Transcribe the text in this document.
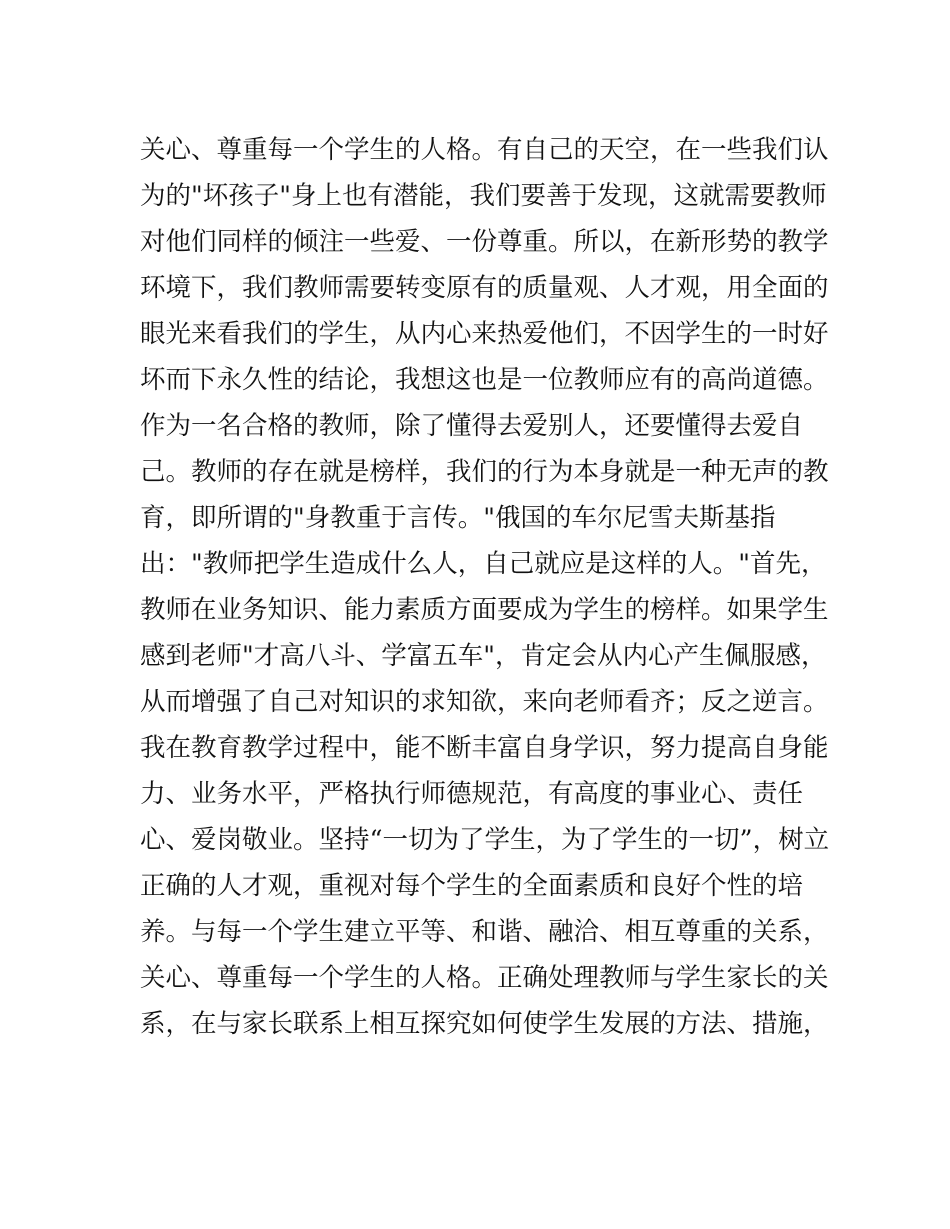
关心、尊重每一个学生的人格。有自己的天空，在一些我们认
为的"坏孩子"身上也有潜能，我们要善于发现，这就需要教师
对他们同样的倾注一些爱、一份尊重。所以，在新形势的教学
环境下，我们教师需要转变原有的质量观、人才观，用全面的
眼光来看我们的学生，从内心来热爱他们，不因学生的一时好
坏而下永久性的结论，我想这也是一位教师应有的高尚道德。
作为一名合格的教师，除了懂得去爱别人，还要懂得去爱自
己。教师的存在就是榜样，我们的行为本身就是一种无声的教
育，即所谓的"身教重于言传。"俄国的车尔尼雪夫斯基指
出："教师把学生造成什么人，自己就应是这样的人。"首先，
教师在业务知识、能力素质方面要成为学生的榜样。如果学生
感到老师"才高八斗、学富五车"，肯定会从内心产生佩服感，
从而增强了自己对知识的求知欲，来向老师看齐；反之逆言。
我在教育教学过程中，能不断丰富自身学识，努力提高自身能
力、业务水平，严格执行师德规范，有高度的事业心、责任
心、爱岗敬业。坚持“一切为了学生，为了学生的一切”，树立
正确的人才观，重视对每个学生的全面素质和良好个性的培
养。与每一个学生建立平等、和谐、融洽、相互尊重的关系，
关心、尊重每一个学生的人格。正确处理教师与学生家长的关
系，在与家长联系上相互探究如何使学生发展的方法、措施，
